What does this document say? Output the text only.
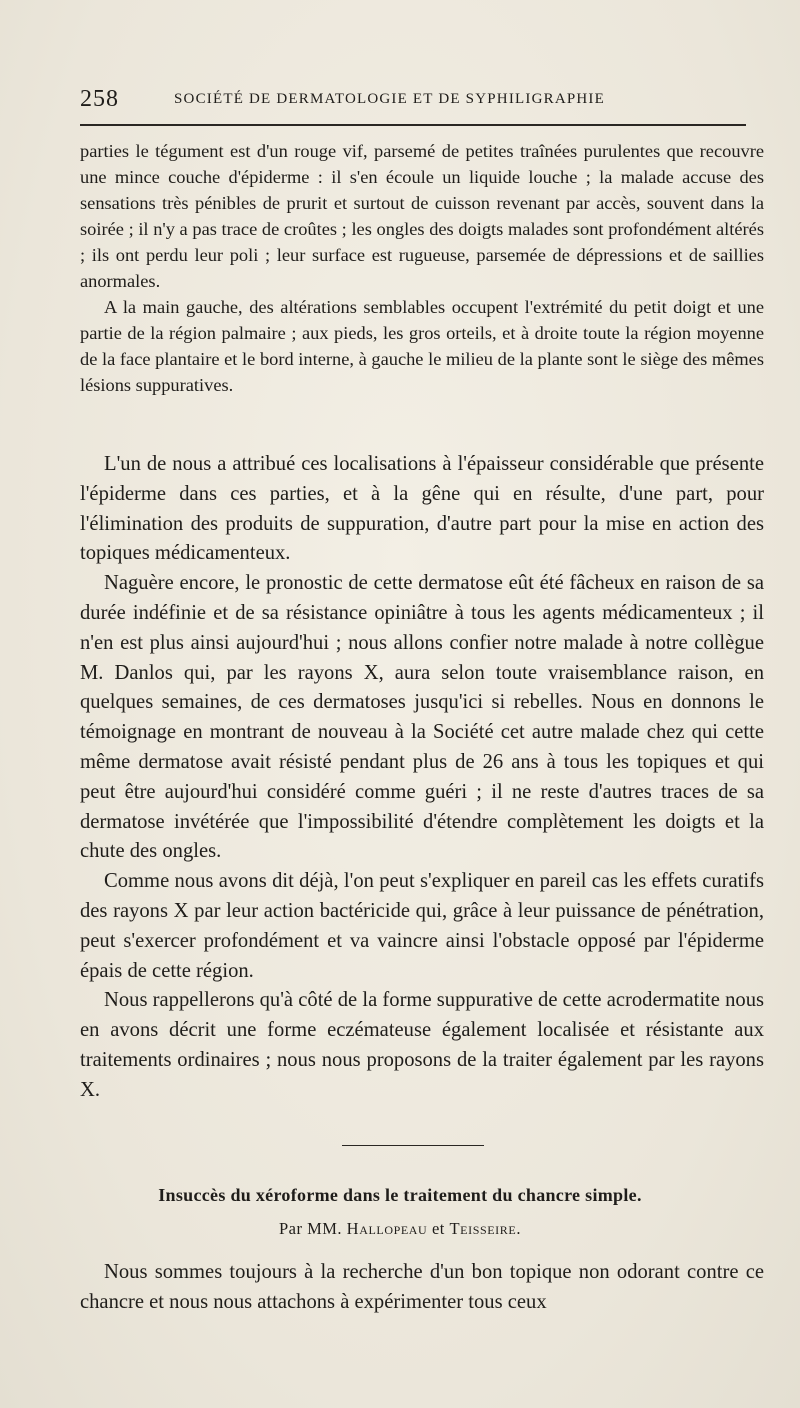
258	SOCIÉTÉ DE DERMATOLOGIE ET DE SYPHILIGRAPHIE

parties le tégument est d'un rouge vif, parsemé de petites traînées purulentes que recouvre une mince couche d'épiderme : il s'en écoule un liquide louche ; la malade accuse des sensations très pénibles de prurit et surtout de cuisson revenant par accès, souvent dans la soirée ; il n'y a pas trace de croûtes ; les ongles des doigts malades sont profondément altérés ; ils ont perdu leur poli ; leur surface est rugueuse, parsemée de dépressions et de saillies anormales.

A la main gauche, des altérations semblables occupent l'extrémité du petit doigt et une partie de la région palmaire ; aux pieds, les gros orteils, et à droite toute la région moyenne de la face plantaire et le bord interne, à gauche le milieu de la plante sont le siège des mêmes lésions suppuratives.

L'un de nous a attribué ces localisations à l'épaisseur considérable que présente l'épiderme dans ces parties, et à la gêne qui en résulte, d'une part, pour l'élimination des produits de suppuration, d'autre part pour la mise en action des topiques médicamenteux.

Naguère encore, le pronostic de cette dermatose eût été fâcheux en raison de sa durée indéfinie et de sa résistance opiniâtre à tous les agents médicamenteux ; il n'en est plus ainsi aujourd'hui ; nous allons confier notre malade à notre collègue M. Danlos qui, par les rayons X, aura selon toute vraisemblance raison, en quelques semaines, de ces dermatoses jusqu'ici si rebelles. Nous en donnons le témoignage en montrant de nouveau à la Société cet autre malade chez qui cette même dermatose avait résisté pendant plus de 26 ans à tous les topiques et qui peut être aujourd'hui considéré comme guéri ; il ne reste d'autres traces de sa dermatose invétérée que l'impossibilité d'étendre complètement les doigts et la chute des ongles.

Comme nous avons dit déjà, l'on peut s'expliquer en pareil cas les effets curatifs des rayons X par leur action bactéricide qui, grâce à leur puissance de pénétration, peut s'exercer profondément et va vaincre ainsi l'obstacle opposé par l'épiderme épais de cette région.

Nous rappellerons qu'à côté de la forme suppurative de cette acrodermatite nous en avons décrit une forme eczémateuse également localisée et résistante aux traitements ordinaires ; nous nous proposons de la traiter également par les rayons X.

Insuccès du xéroforme dans le traitement du chancre simple.
Par MM. Hallopeau et Teisseire.

Nous sommes toujours à la recherche d'un bon topique non odorant contre ce chancre et nous nous attachons à expérimenter tous ceux
